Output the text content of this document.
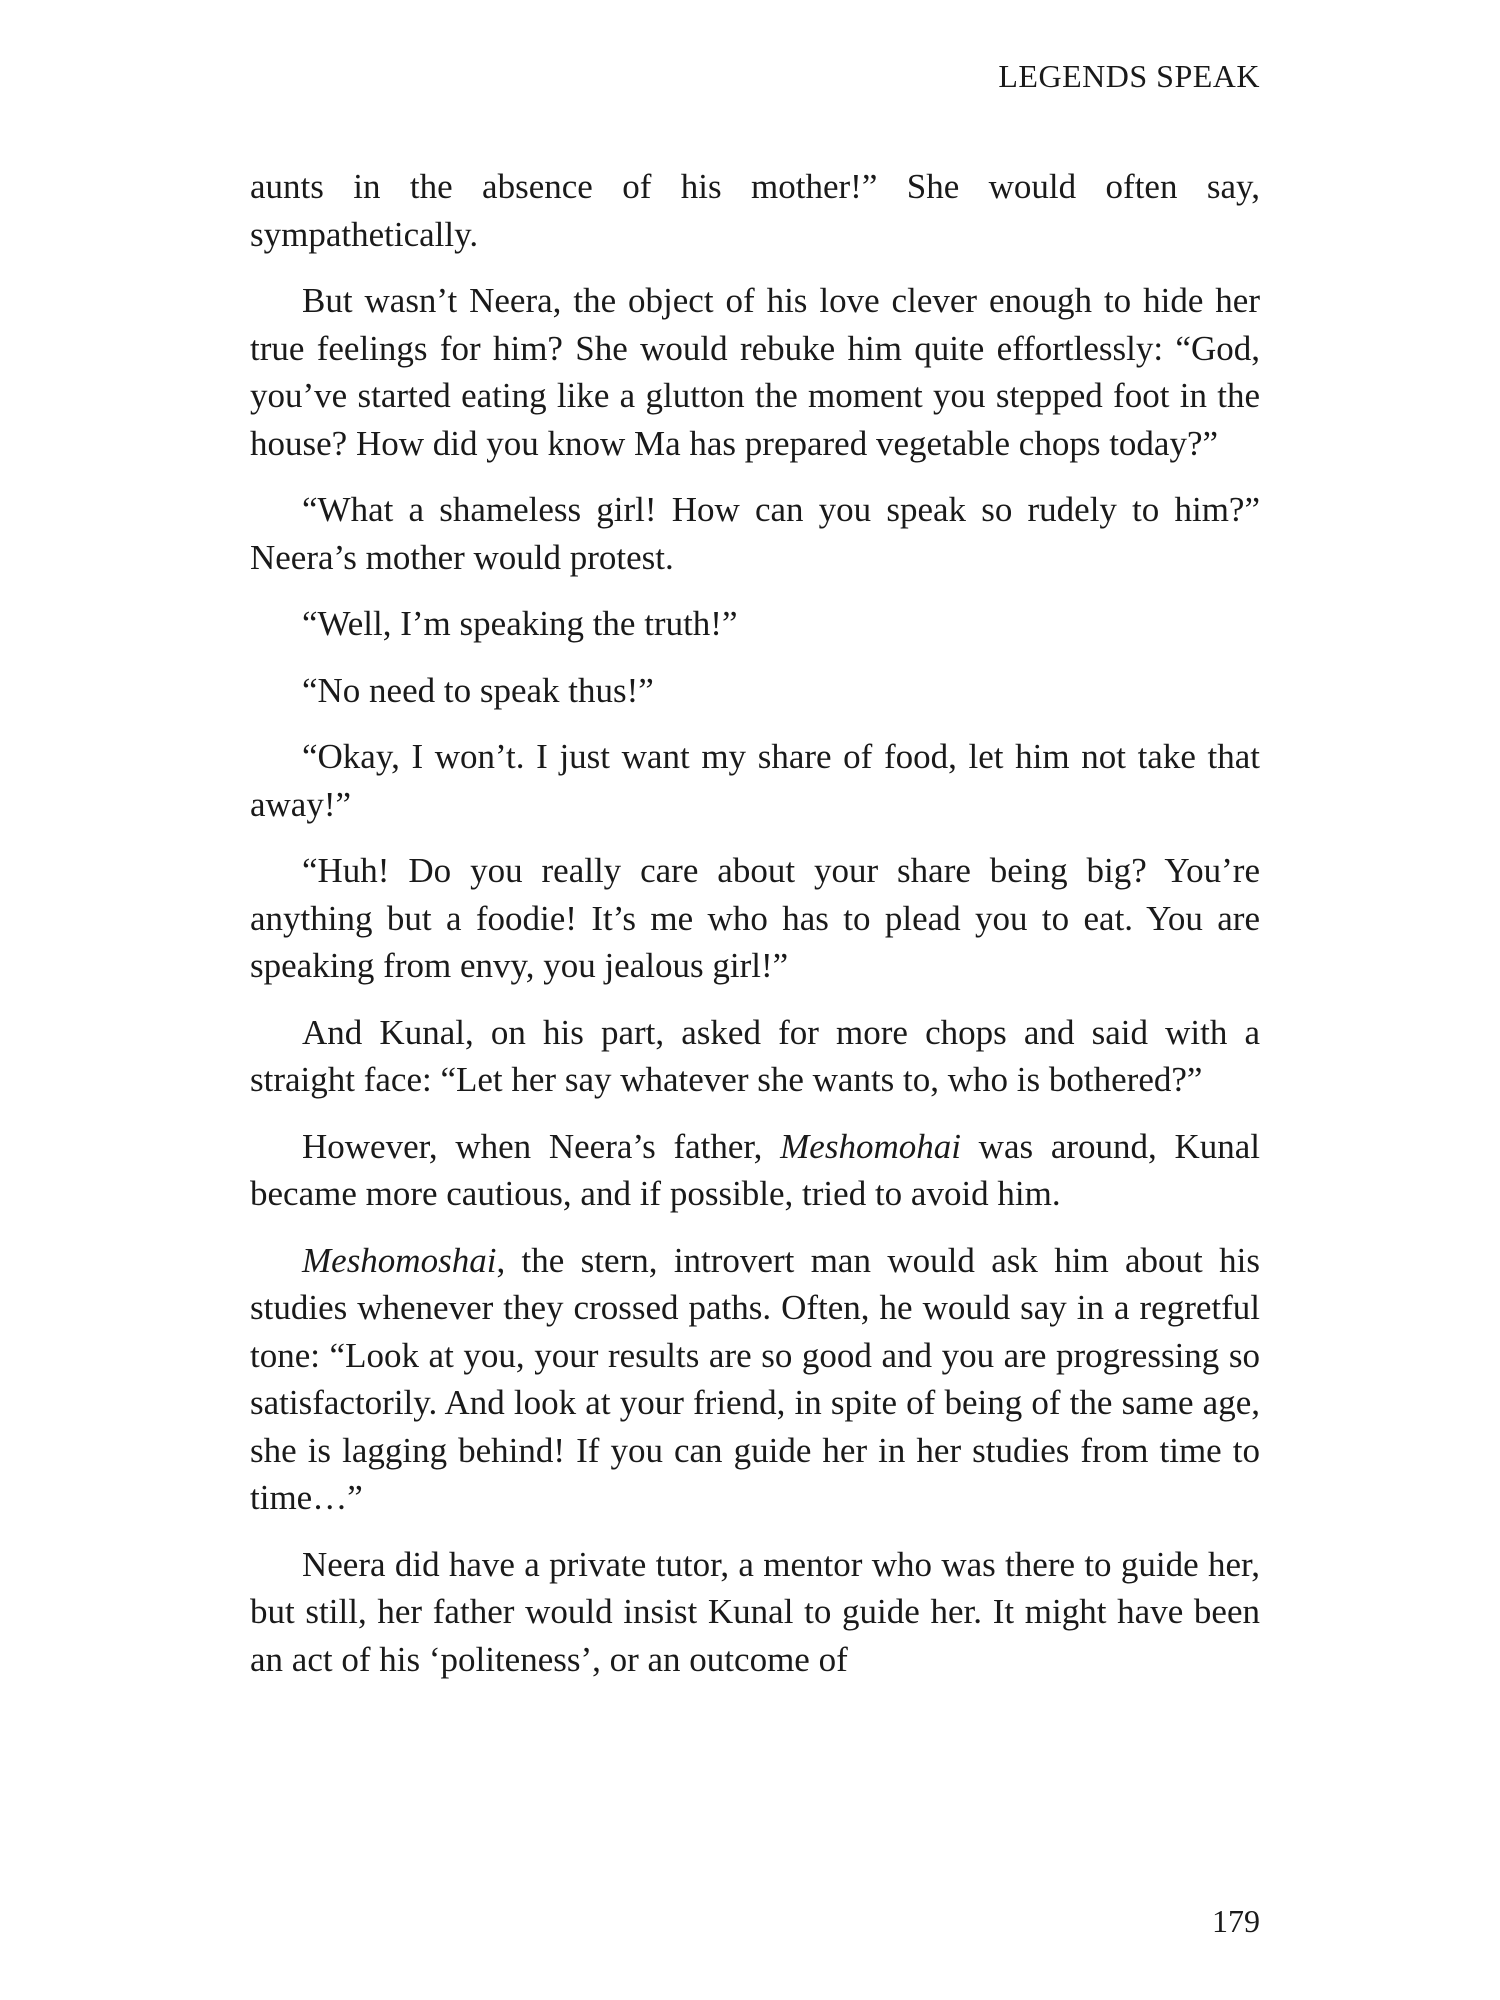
LEGENDS SPEAK

aunts in the absence of his mother!” She would often say, sympathetically.

But wasn’t Neera, the object of his love clever enough to hide her true feelings for him? She would rebuke him quite effortlessly: “God, you’ve started eating like a glutton the moment you stepped foot in the house? How did you know Ma has prepared vegetable chops today?”

“What a shameless girl! How can you speak so rudely to him?” Neera’s mother would protest.

“Well, I’m speaking the truth!”

“No need to speak thus!”

“Okay, I won’t. I just want my share of food, let him not take that away!”

“Huh! Do you really care about your share being big? You’re anything but a foodie! It’s me who has to plead you to eat. You are speaking from envy, you jealous girl!”

And Kunal, on his part, asked for more chops and said with a straight face: “Let her say whatever she wants to, who is bothered?”

However, when Neera’s father, Meshomohai was around, Kunal became more cautious, and if possible, tried to avoid him.

Meshomoshai, the stern, introvert man would ask him about his studies whenever they crossed paths. Often, he would say in a regretful tone: “Look at you, your results are so good and you are progressing so satisfactorily. And look at your friend, in spite of being of the same age, she is lagging behind! If you can guide her in her studies from time to time…”

Neera did have a private tutor, a mentor who was there to guide her, but still, her father would insist Kunal to guide her. It might have been an act of his ‘politeness’, or an outcome of

179
